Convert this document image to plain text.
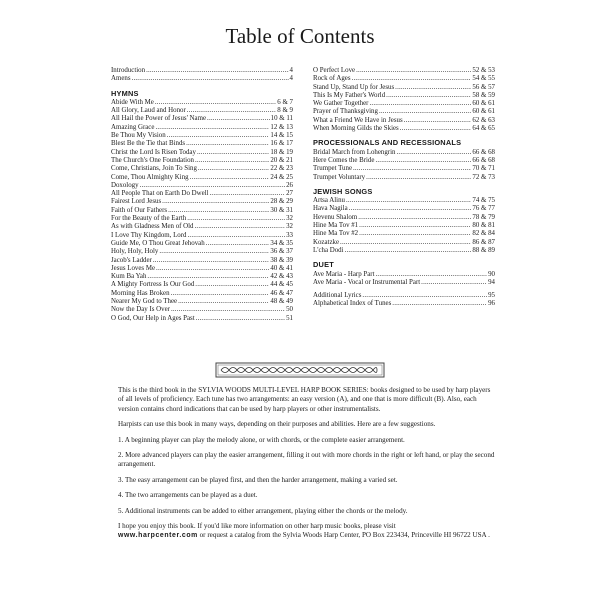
Table of Contents
Introduction .....	4
Amens .....	4
HYMNS
Abide With Me .....	6 & 7
All Glory, Laud and Honor .....	8 & 9
All Hail the Power of Jesus' Name .....	10 & 11
Amazing Grace .....	12 & 13
Be Thou My Vision .....	14 & 15
Blest Be the Tie that Binds .....	16 & 17
Christ the Lord Is Risen Today .....	18 & 19
The Church's One Foundation .....	20 & 21
Come, Christians, Join To Sing .....	22 & 23
Come, Thou Almighty King .....	24 & 25
Doxology .....	26
All People That on Earth Do Dwell .....	27
Fairest Lord Jesus .....	28 & 29
Faith of Our Fathers .....	30 & 31
For the Beauty of the Earth .....	32
As with Gladness Men of Old .....	32
I Love Thy Kingdom, Lord .....	33
Guide Me, O Thou Great Jehovah .....	34 & 35
Holy, Holy, Holy .....	36 & 37
Jacob's Ladder .....	38 & 39
Jesus Loves Me .....	40 & 41
Kum Ba Yah .....	42 & 43
A Mighty Fortress Is Our God .....	44 & 45
Morning Has Broken .....	46 & 47
Nearer My God to Thee .....	48 & 49
Now the Day Is Over .....	50
O God, Our Help in Ages Past .....	51
O Perfect Love .....	52 & 53
Rock of Ages .....	54 & 55
Stand Up, Stand Up for Jesus .....	56 & 57
This Is My Father's World .....	58 & 59
We Gather Together .....	60 & 61
Prayer of Thanksgiving .....	60 & 61
What a Friend We Have in Jesus .....	62 & 63
When Morning Gilds the Skies .....	64 & 65
PROCESSIONALS AND RECESSIONALS
Bridal March from Lohengrin .....	66 & 68
Here Comes the Bride .....	66 & 68
Trumpet Tune .....	70 & 71
Trumpet Voluntary .....	72 & 73
JEWISH SONGS
Artsa Alinu .....	74 & 75
Hava Nagila .....	76 & 77
Hevenu Shalom .....	78 & 79
Hine Ma Tov #1 .....	80 & 81
Hine Ma Tov #2 .....	82 & 84
Kozatzke .....	86 & 87
L'cha Dodi .....	88 & 89
DUET
Ave Maria - Harp Part .....	90
Ave Maria - Vocal or Instrumental Part .....	94
Additional Lyrics .....	95
Alphabetical Index of Tunes .....	96

This is the third book in the SYLVIA WOODS MULTI-LEVEL HARP BOOK SERIES: books designed to be used by harp players of all levels of proficiency. Each tune has two arrangements: an easy version (A), and one that is more difficult (B). Also, each version contains chord indications that can be used by harp players or other instrumentalists.

Harpists can use this book in many ways, depending on their purposes and abilities. Here are a few suggestions.

1. A beginning player can play the melody alone, or with chords, or the complete easier arrangement.

2. More advanced players can play the easier arrangement, filling it out with more chords in the right or left hand, or play the second arrangement.

3. The easy arrangement can be played first, and then the harder arrangement, making a varied set.

4. The two arrangements can be played as a duet.

5. Additional instruments can be added to either arrangement, playing either the chords or the melody.

I hope you enjoy this book. If you'd like more information on other harp music books, please visit
www.harpcenter.com or request a catalog from the Sylvia Woods Harp Center, PO Box 223434, Princeville HI 96722 USA .
